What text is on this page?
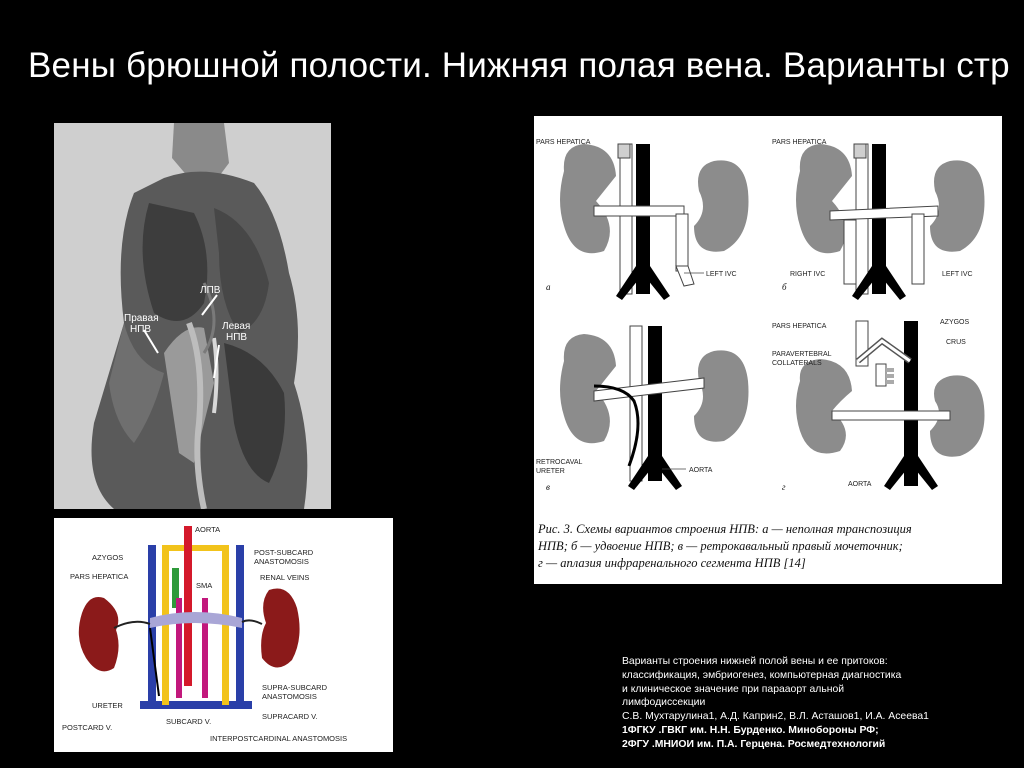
Вены брюшной полости. Нижняя полая вена. Варианты стр
ЛПВ
Правая
НПВ	Левая
НПВ
PARS HEPATICA
LEFT IVC
а
PARS HEPATICA
RIGHT IVC	LEFT IVC
б
RETROCAVAL
URETER	AORTA
в
PARS HEPATICA
AZYGOS
CRUS
PARAVERTEBRAL
COLLATERALS
AORTA
г
Рис. 3. Схемы вариантов строения НПВ: а — неполная транспозиция
НПВ; б — удвоение НПВ; в — ретрокавальный правый мочеточник;
г — аплазия инфраренального сегмента НПВ [14]
AORTA
AZYGOS
PARS HEPATICA
POST-SUBCARD
ANASTOMOSIS
RENAL VEINS
SMA
URETER
SUPRA-SUBCARD
ANASTOMOSIS
POSTCARD V.
SUBCARD V.
SUPRACARD V.
INTERPOSTCARDINAL ANASTOMOSIS
Варианты строения нижней полой вены и ее притоков:
классификация, эмбриогенез, компьютерная диагностика
и клиническое значение при парааорт альной
лимфодиссекции
С.В. Мухтарулина1, А.Д. Каприн2, В.Л. Асташов1, И.А. Асеева1
1ФГКУ .ГВКГ им. Н.Н. Бурденко. Минобороны РФ;
2ФГУ .МНИОИ им. П.А. Герцена. Росмедтехнологий
